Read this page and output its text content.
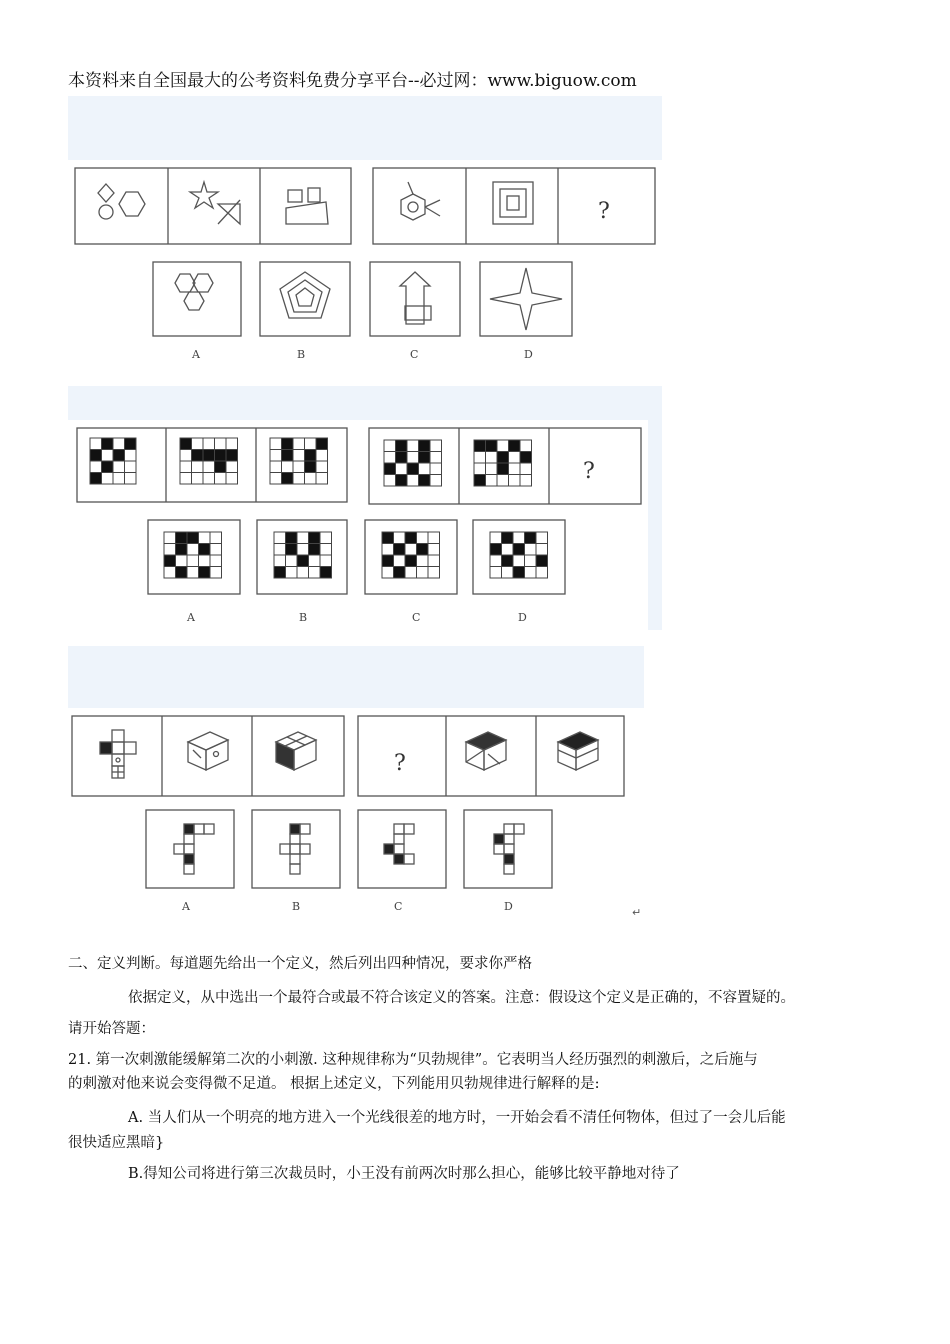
本资料来自全国最大的公考资料免费分享平台--必过网：www.biguow.com
?
A	B	C	D
?
A	B	C	D
?
A	B	C	D	↵
二、定义判断。每道题先给出一个定义，然后列出四种情况，要求你严格
依据定义，从中选出一个最符合或最不符合该定义的答案。注意：假设这个定义是正确的，不容置疑的。
请开始答题：
21. 第一次刺激能缓解第二次的小刺激. 这种规律称为“贝勃规律”。它表明当人经历强烈的刺激后，之后施与
的刺激对他来说会变得微不足道。 根据上述定义，下列能用贝勃规律进行解释的是:
A. 当人们从一个明亮的地方进入一个光线很差的地方时，一开始会看不清任何物体，但过了一会儿后能
很快适应黑暗}
B.得知公司将进行第三次裁员时，小王没有前两次时那么担心，能够比较平静地对待了
